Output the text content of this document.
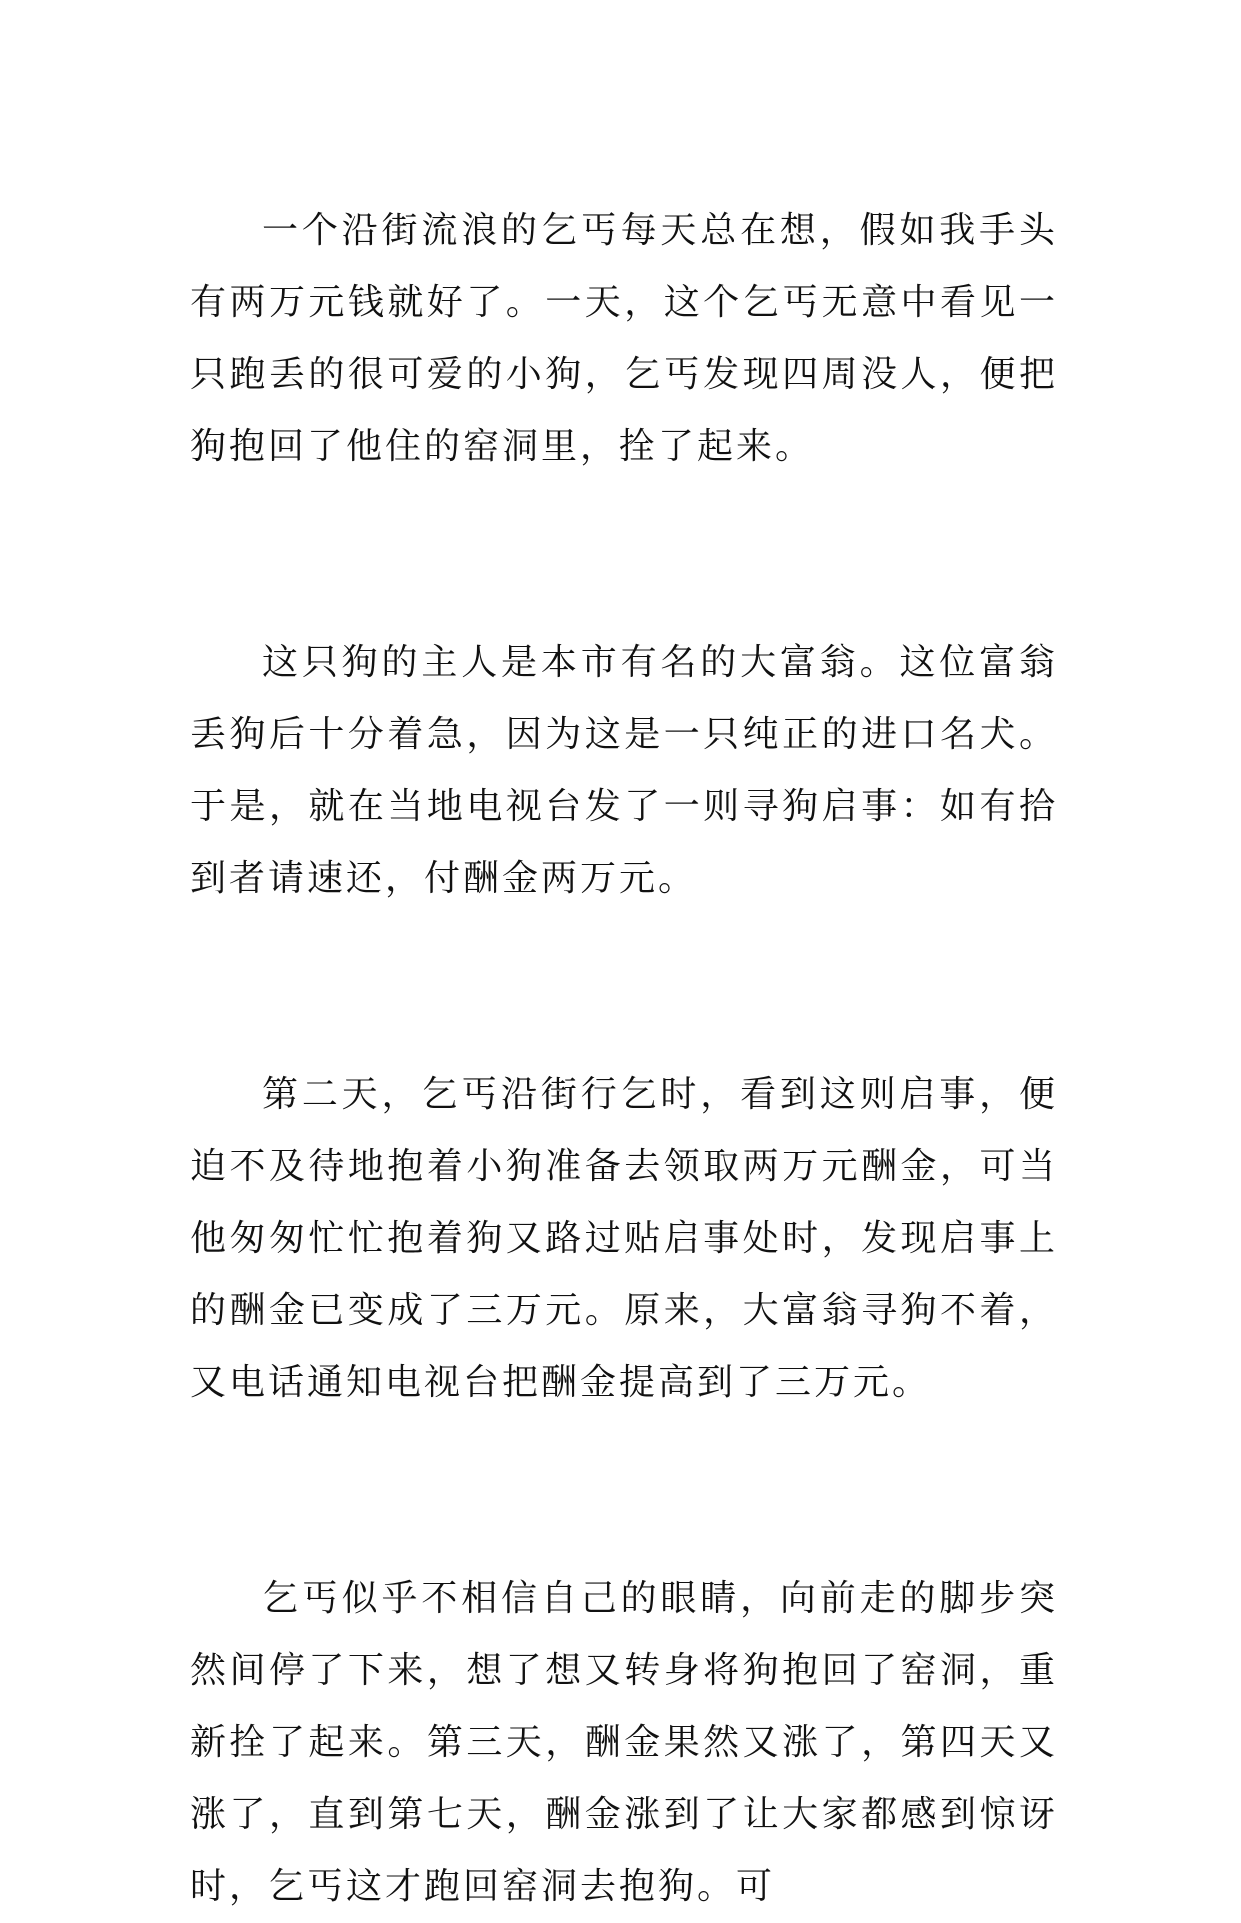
一个沿街流浪的乞丐每天总在想，假如我手头有两万元钱就好了。一天，这个乞丐无意中看见一只跑丢的很可爱的小狗，乞丐发现四周没人，便把狗抱回了他住的窑洞里，拴了起来。

这只狗的主人是本市有名的大富翁。这位富翁丢狗后十分着急，因为这是一只纯正的进口名犬。于是，就在当地电视台发了一则寻狗启事：如有拾到者请速还，付酬金两万元。

第二天，乞丐沿街行乞时，看到这则启事，便迫不及待地抱着小狗准备去领取两万元酬金，可当他匆匆忙忙抱着狗又路过贴启事处时，发现启事上的酬金已变成了三万元。原来，大富翁寻狗不着，又电话通知电视台把酬金提高到了三万元。

乞丐似乎不相信自己的眼睛，向前走的脚步突然间停了下来，想了想又转身将狗抱回了窑洞，重新拴了起来。第三天，酬金果然又涨了，第四天又涨了，直到第七天，酬金涨到了让大家都感到惊讶时，乞丐这才跑回窑洞去抱狗。可
